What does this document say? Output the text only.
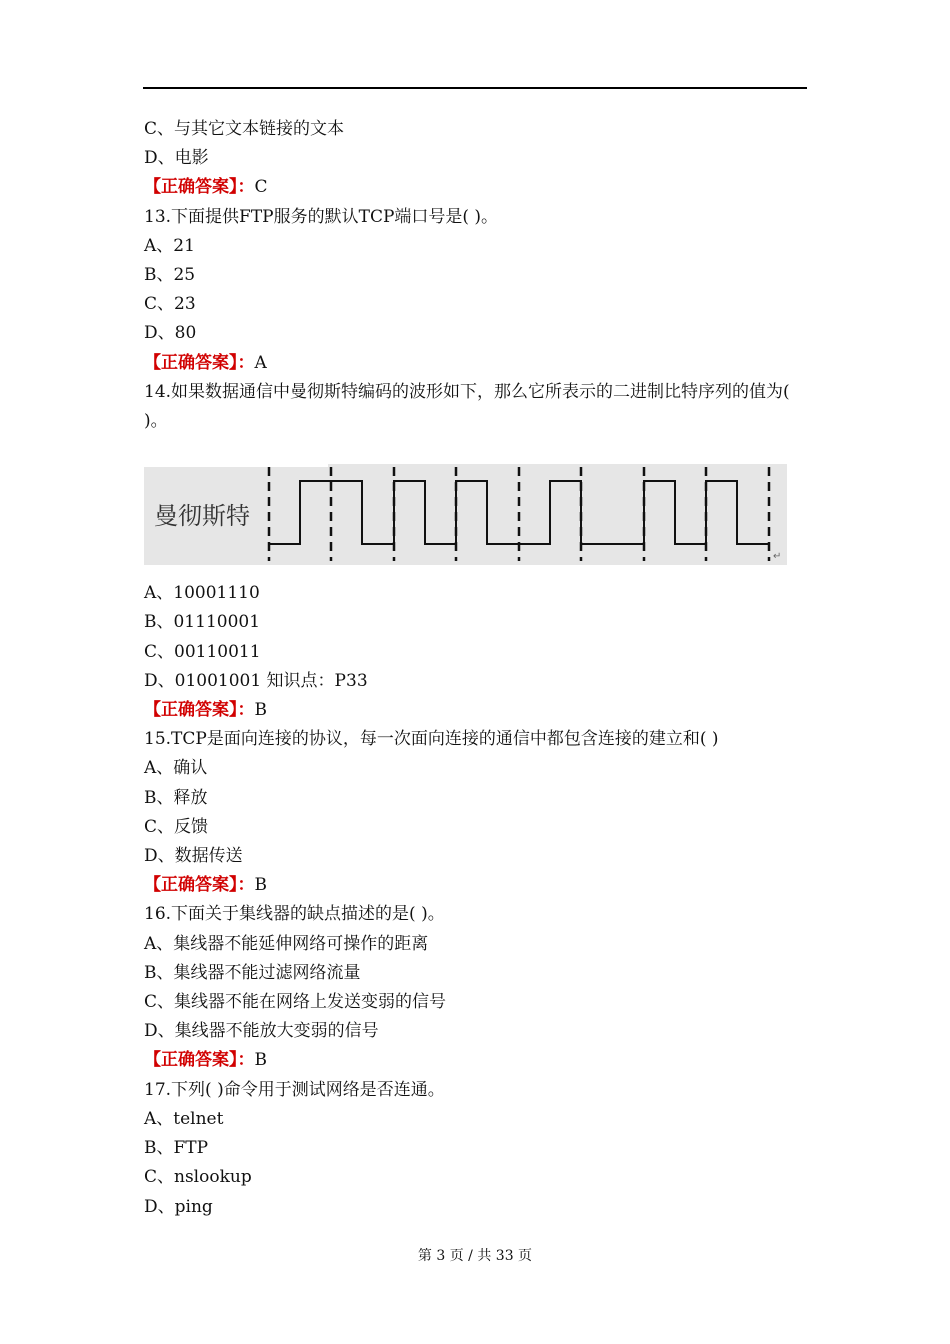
C、与其它文本链接的文本
D、电影
【正确答案】：C
13.下面提供FTP服务的默认TCP端口号是( )。
A、21
B、25
C、23
D、80
【正确答案】：A
14.如果数据通信中曼彻斯特编码的波形如下，那么它所表示的二进制比特序列的值为( )。
曼彻斯特
↵
A、10001110
B、01110001
C、00110011
D、01001001 知识点：P33
【正确答案】：B
15.TCP是面向连接的协议，每一次面向连接的通信中都包含连接的建立和( )
A、确认
B、释放
C、反馈
D、数据传送
【正确答案】：B
16.下面关于集线器的缺点描述的是( )。
A、集线器不能延伸网络可操作的距离
B、集线器不能过滤网络流量
C、集线器不能在网络上发送变弱的信号
D、集线器不能放大变弱的信号
【正确答案】：B
17.下列( )命令用于测试网络是否连通。
A、telnet
B、FTP
C、nslookup
D、ping
第 3 页 / 共 33 页
